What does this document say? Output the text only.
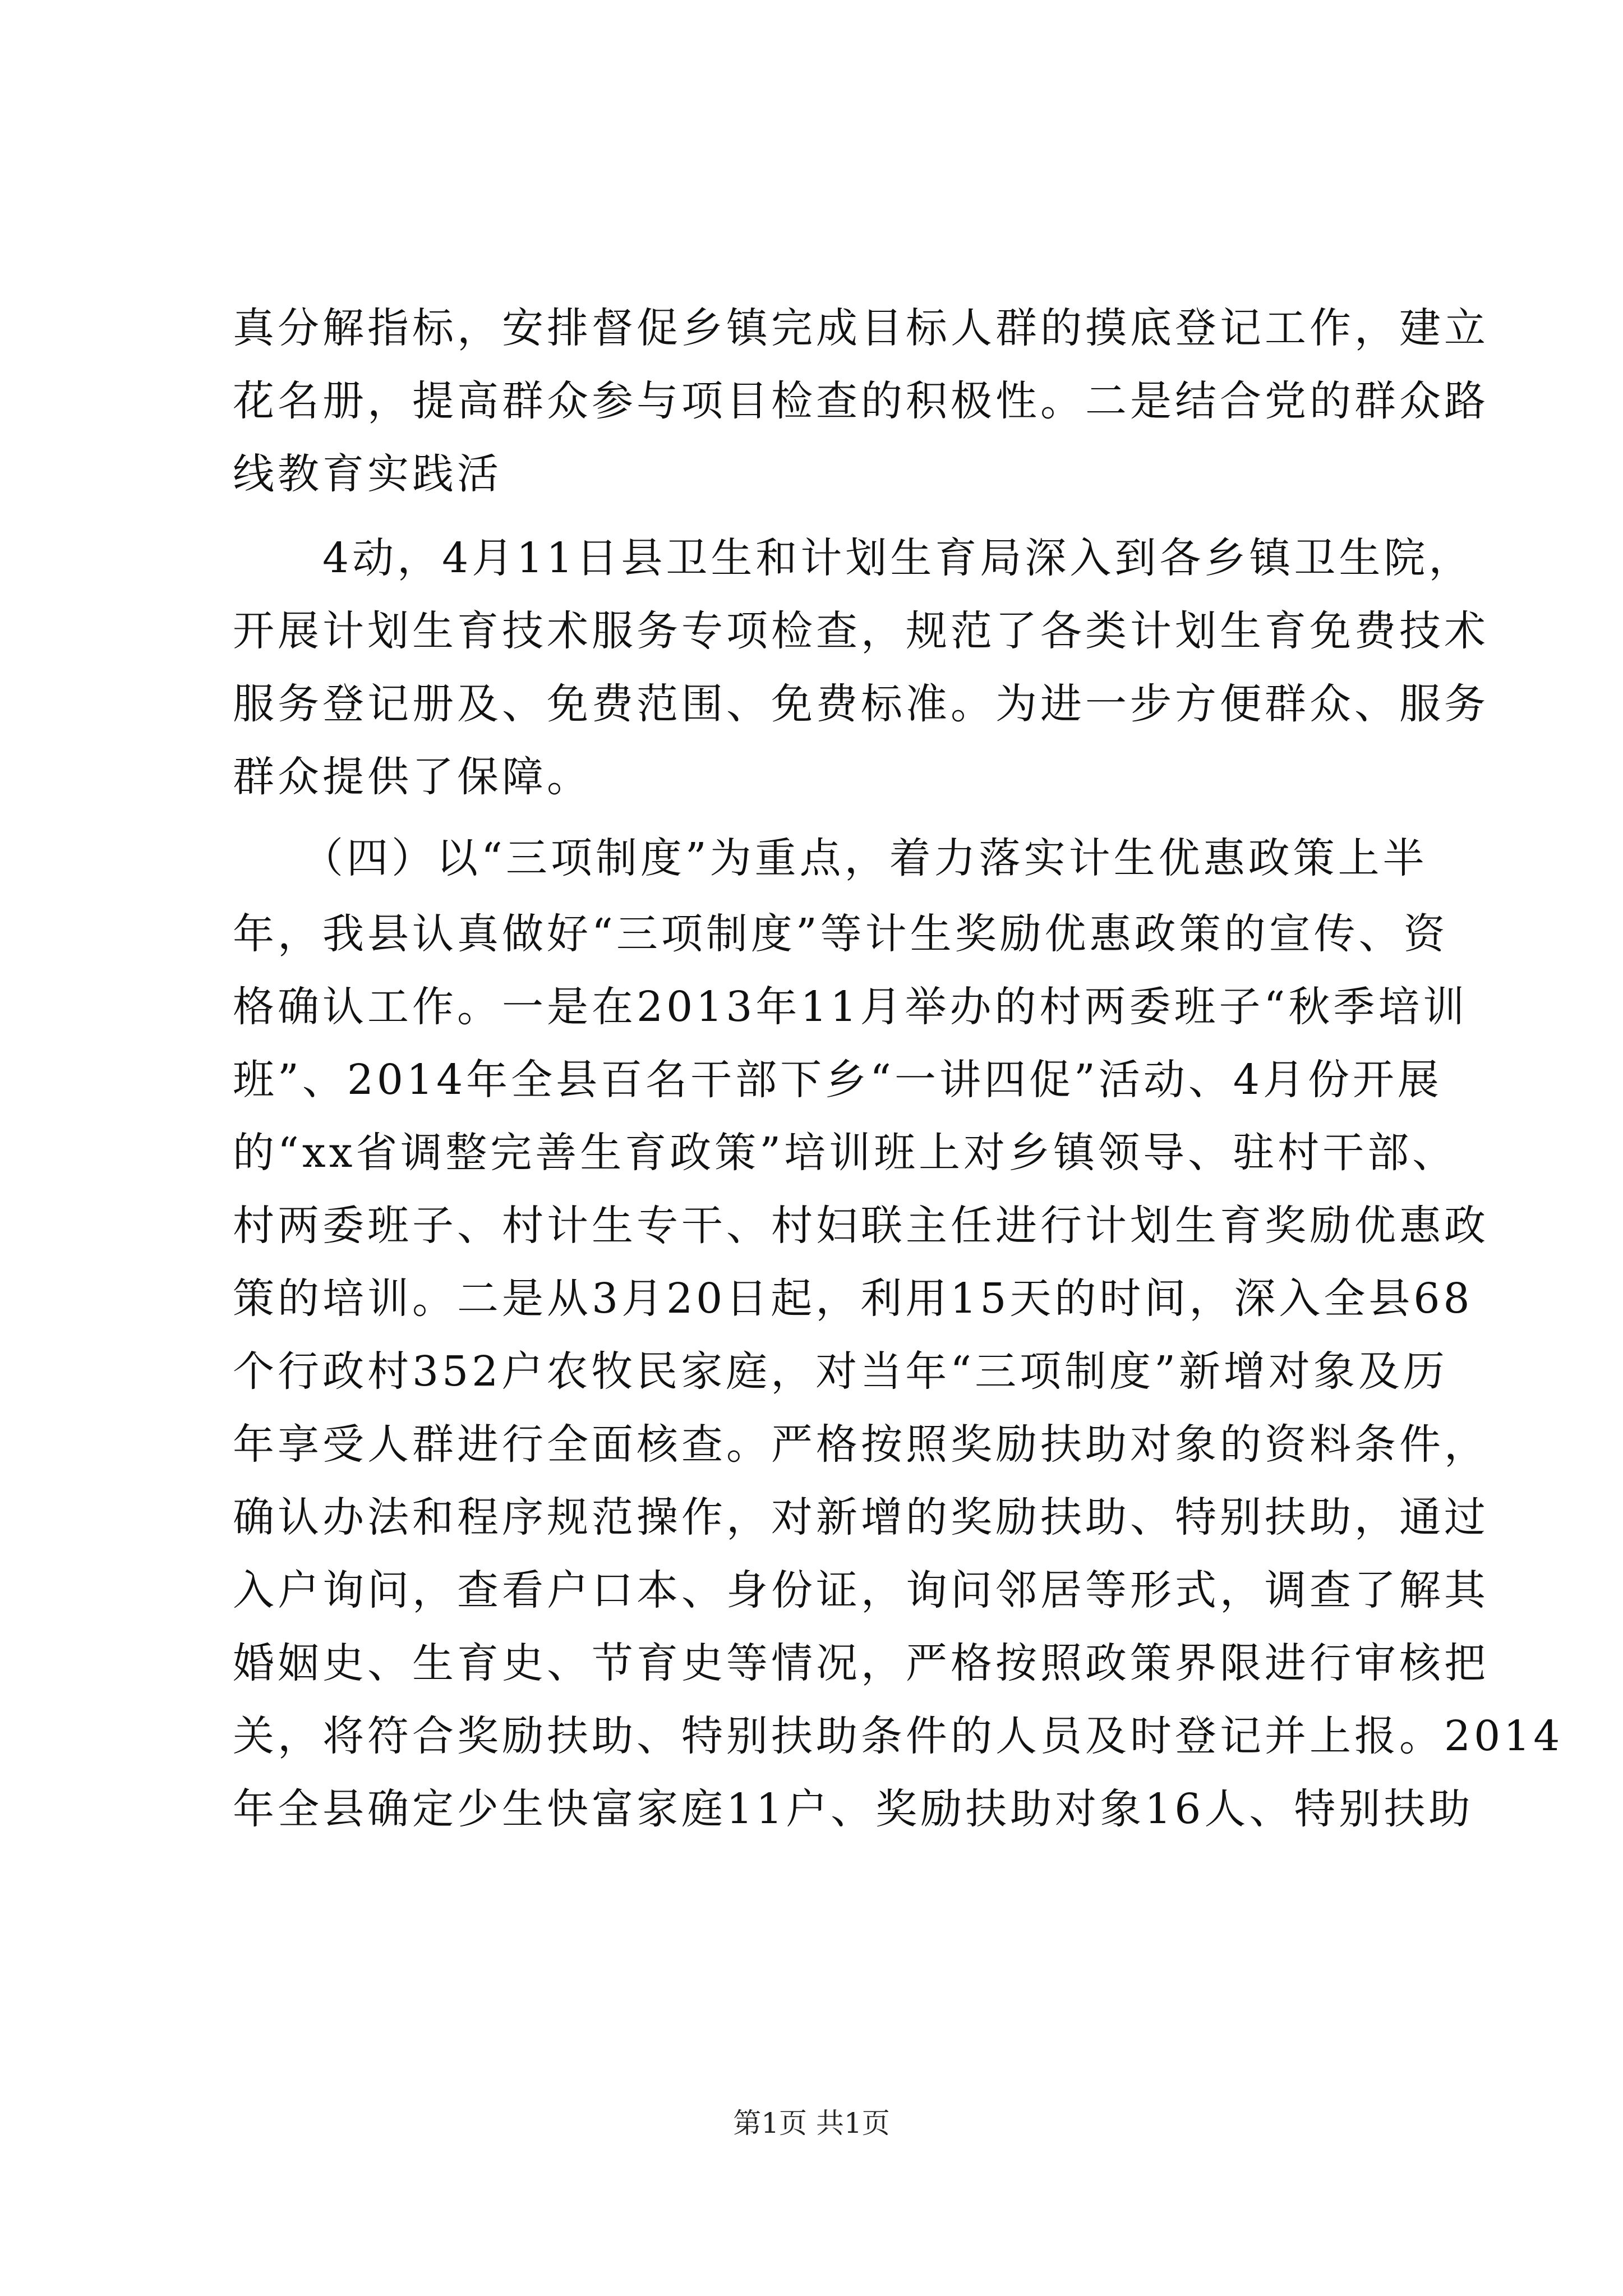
真分解指标，安排督促乡镇完成目标人群的摸底登记工作，建立
花名册，提高群众参与项目检查的积极性。二是结合党的群众路
线教育实践活
　　4动，4月11日县卫生和计划生育局深入到各乡镇卫生院，
开展计划生育技术服务专项检查，规范了各类计划生育免费技术
服务登记册及、免费范围、免费标准。为进一步方便群众、服务
群众提供了保障。
　　（四）以“三项制度”为重点，着力落实计生优惠政策上半
年，我县认真做好“三项制度”等计生奖励优惠政策的宣传、资
格确认工作。一是在2013年11月举办的村两委班子“秋季培训
班”、2014年全县百名干部下乡“一讲四促”活动、4月份开展
的“xx省调整完善生育政策”培训班上对乡镇领导、驻村干部、
村两委班子、村计生专干、村妇联主任进行计划生育奖励优惠政
策的培训。二是从3月20日起，利用15天的时间，深入全县68
个行政村352户农牧民家庭，对当年“三项制度”新增对象及历
年享受人群进行全面核查。严格按照奖励扶助对象的资料条件，
确认办法和程序规范操作，对新增的奖励扶助、特别扶助，通过
入户询问，查看户口本、身份证，询问邻居等形式，调查了解其
婚姻史、生育史、节育史等情况，严格按照政策界限进行审核把
关，将符合奖励扶助、特别扶助条件的人员及时登记并上报。2014
年全县确定少生快富家庭11户、奖励扶助对象16人、特别扶助
第1页 共1页
